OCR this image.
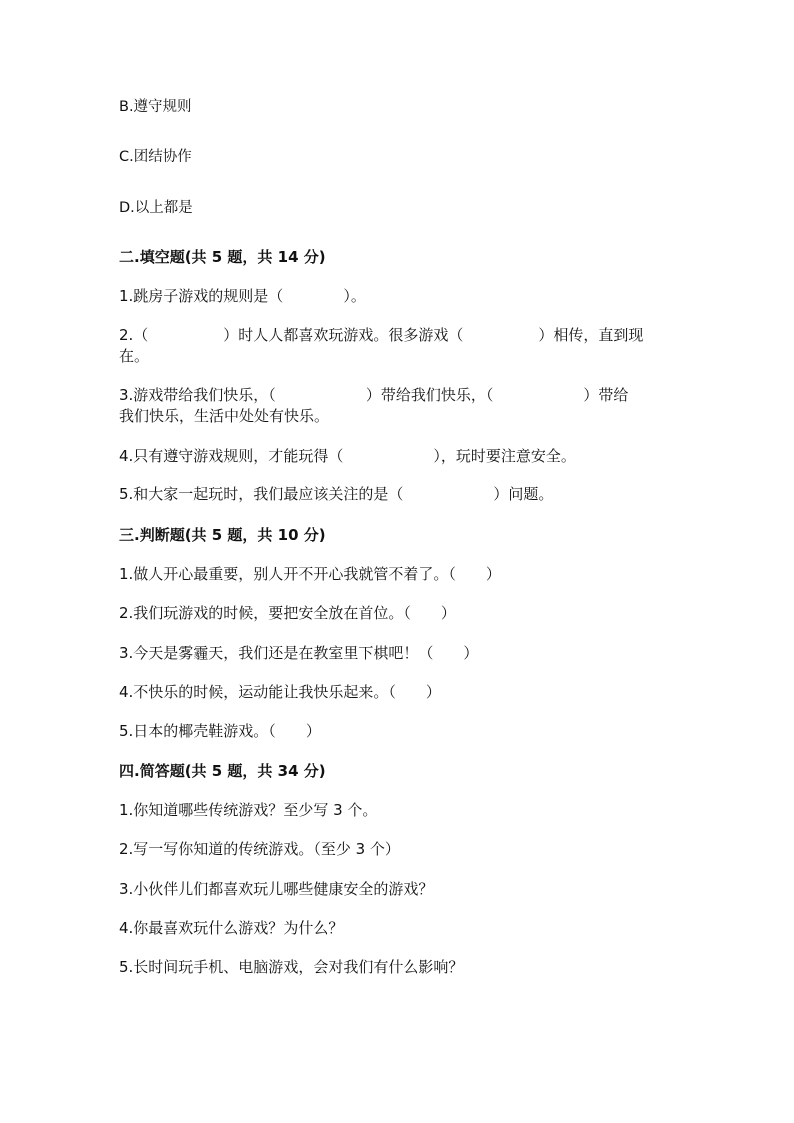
B.遵守规则
C.团结协作
D.以上都是
二.填空题(共 5 题，共 14 分)
1.跳房子游戏的规则是（　　　　）。
2.（　　　　　）时人人都喜欢玩游戏。很多游戏（　　　　　）相传，直到现
在。
3.游戏带给我们快乐，（　　　　　　）带给我们快乐，（　　　　　　）带给
我们快乐，生活中处处有快乐。
4.只有遵守游戏规则，才能玩得（　　　　　　），玩时要注意安全。
5.和大家一起玩时，我们最应该关注的是（　　　　　　）问题。
三.判断题(共 5 题，共 10 分)
1.做人开心最重要，别人开不开心我就管不着了。（　　）
2.我们玩游戏的时候，要把安全放在首位。（　　）
3.今天是雾霾天，我们还是在教室里下棋吧！（　　）
4.不快乐的时候，运动能让我快乐起来。（　　）
5.日本的椰壳鞋游戏。（　　）
四.简答题(共 5 题，共 34 分)
1.你知道哪些传统游戏？至少写 3 个。
2.写一写你知道的传统游戏。（至少 3 个）
3.小伙伴儿们都喜欢玩儿哪些健康安全的游戏？
4.你最喜欢玩什么游戏？为什么？
5.长时间玩手机、电脑游戏，会对我们有什么影响？
